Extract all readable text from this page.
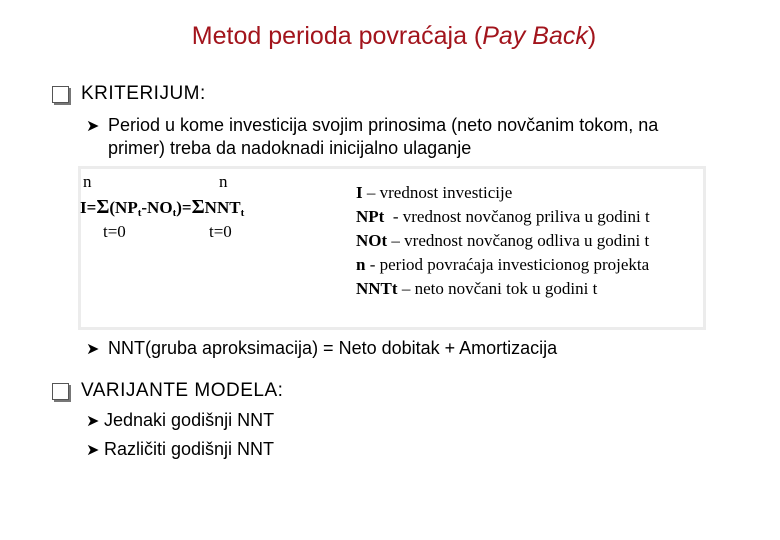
Metod perioda povraćaja (Pay Back)
KRITERIJUM:
➤ Period u kome investicija svojim prinosima (neto novčanim tokom, na primer) treba da nadoknadi inicijalno ulaganje
n	n
$I=\Sigma(NP_t-NO_t)=\Sigma NNT_t$
t=0	t=0
I – vrednost investicije
NPt  - vrednost novčanog priliva u godini t
NOt – vrednost novčanog odliva u godini t
n - period povraćaja investicionog projekta
NNTt – neto novčani tok u godini t
➤ NNT(gruba aproksimacija) = Neto dobitak + Amortizacija
VARIJANTE MODELA:
➤ Jednaki godišnji NNT
➤ Različiti godišnji NNT
